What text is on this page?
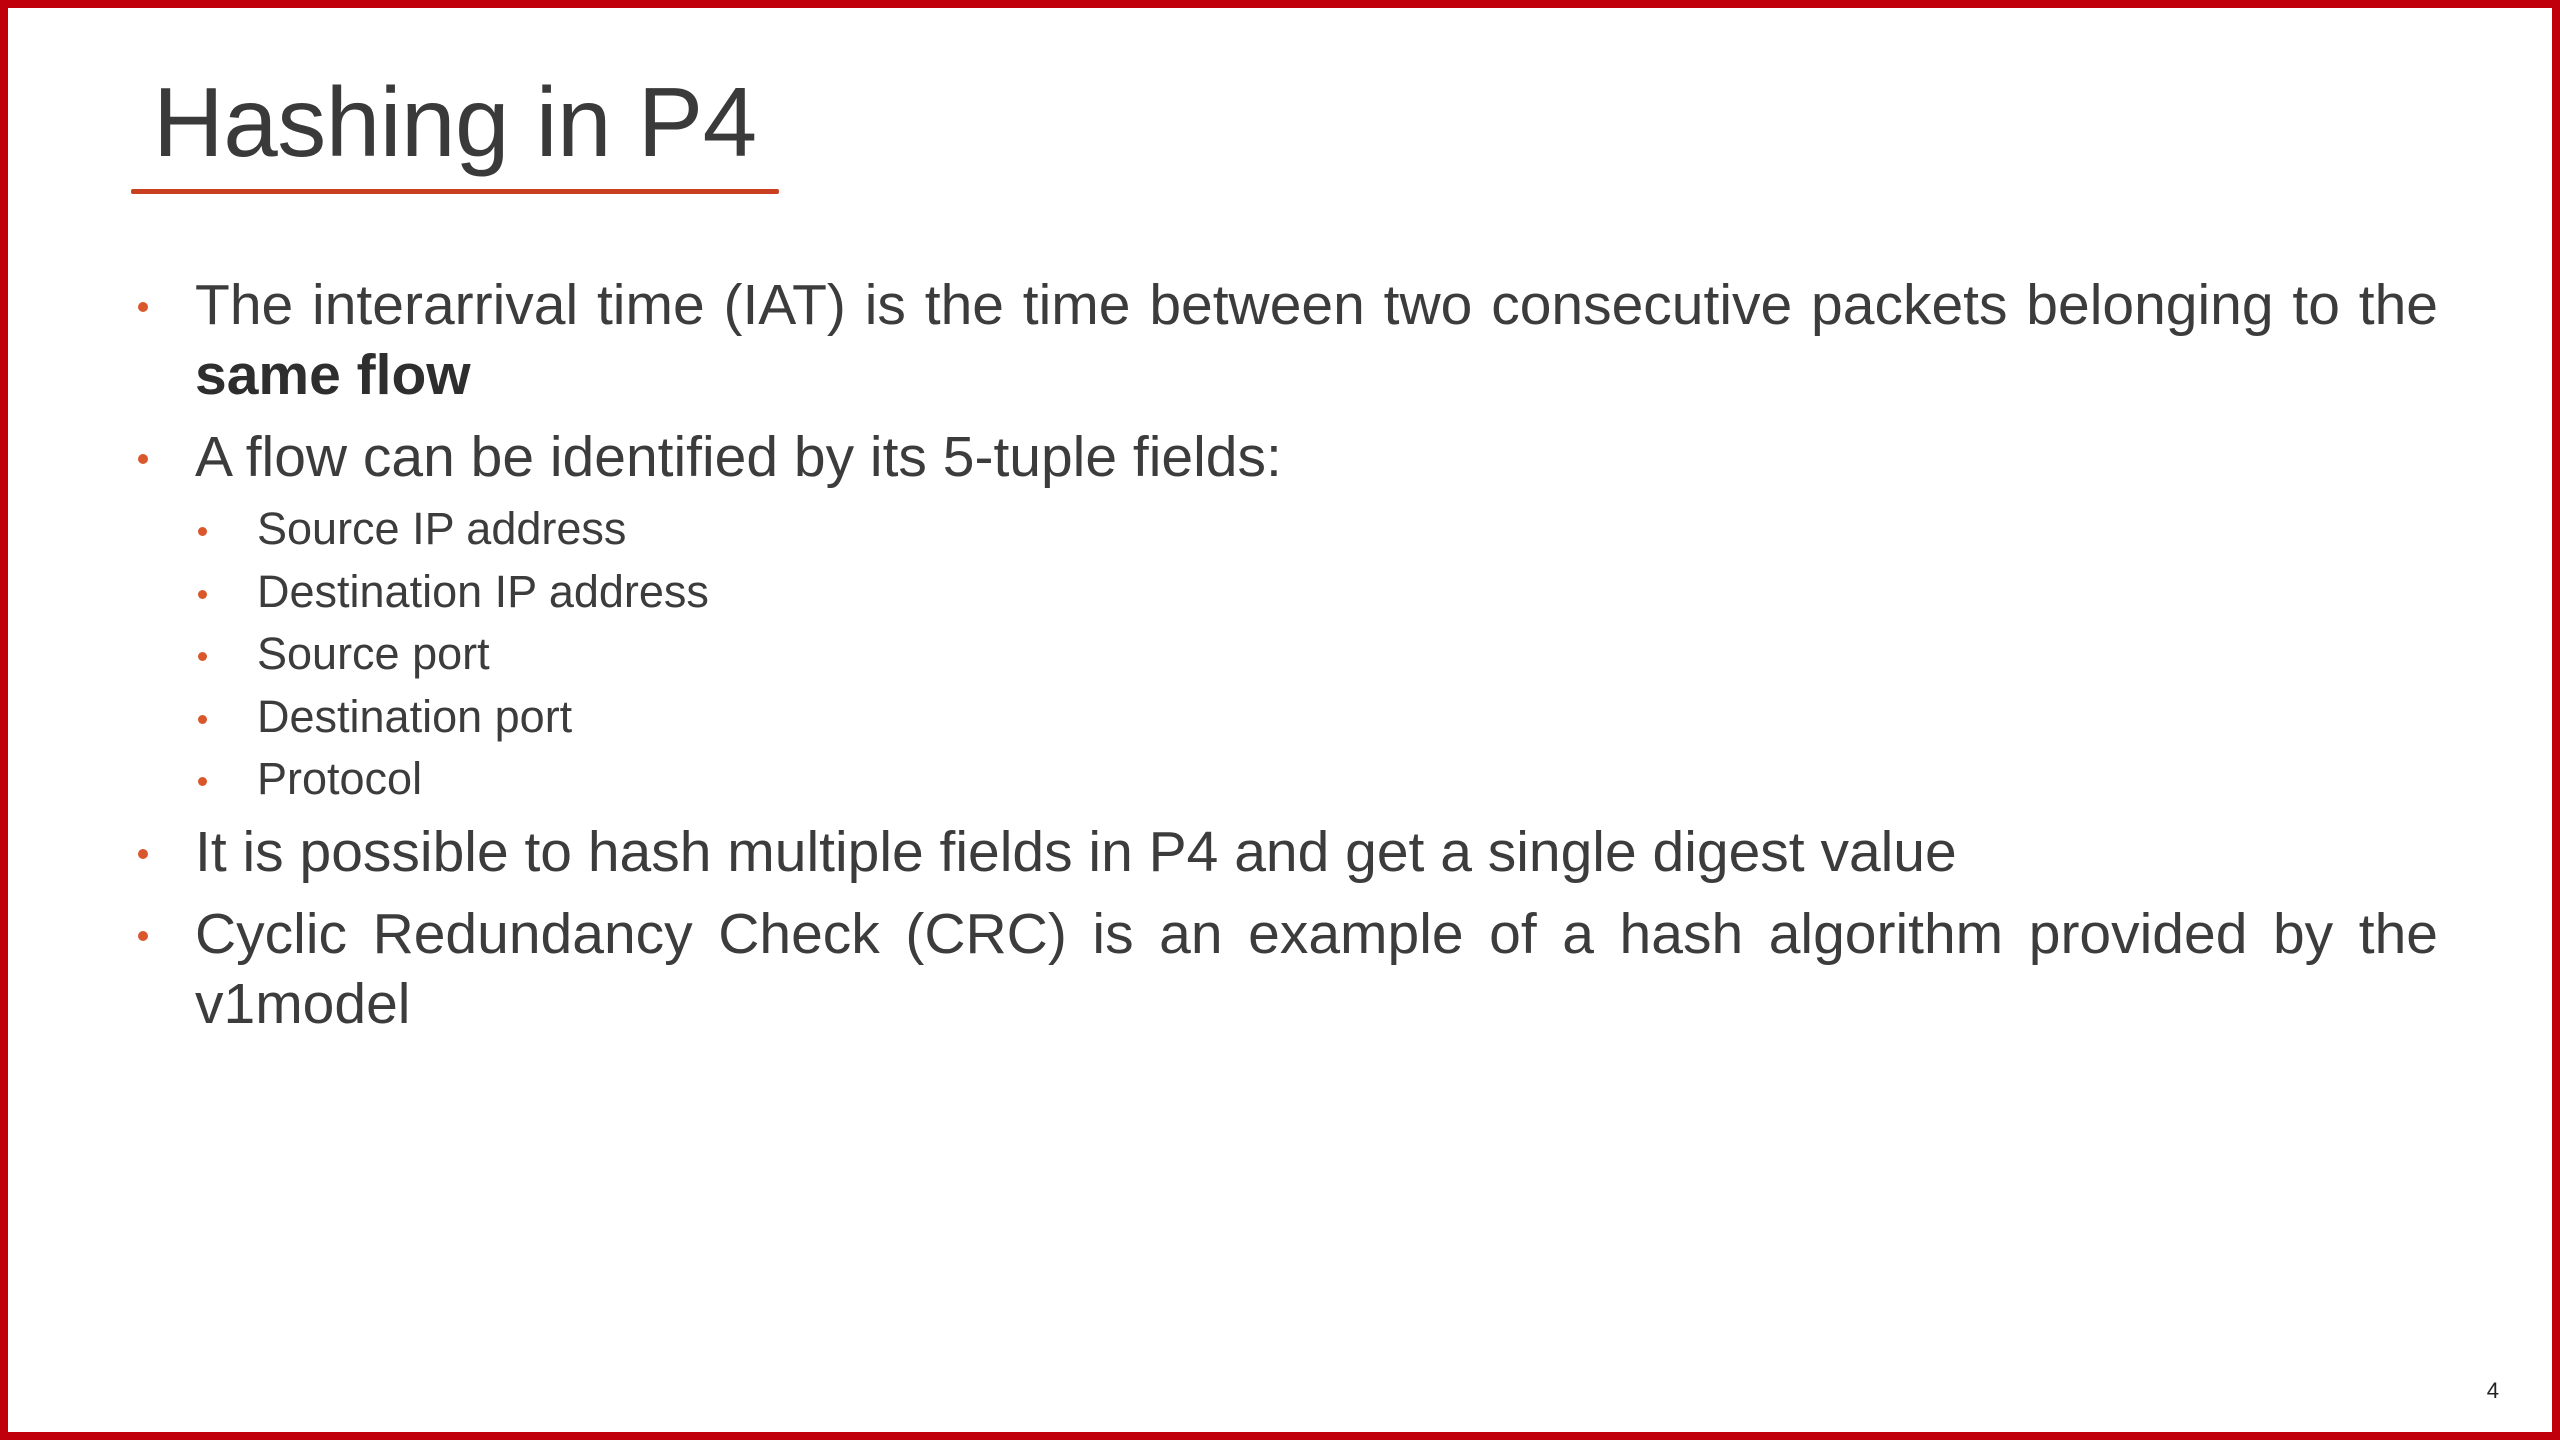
Hashing in P4
The interarrival time (IAT) is the time between two consecutive packets belonging to the same flow
A flow can be identified by its 5-tuple fields:
Source IP address
Destination IP address
Source port
Destination port
Protocol
It is possible to hash multiple fields in P4 and get a single digest value
Cyclic Redundancy Check (CRC) is an example of a hash algorithm provided by the v1model
4
